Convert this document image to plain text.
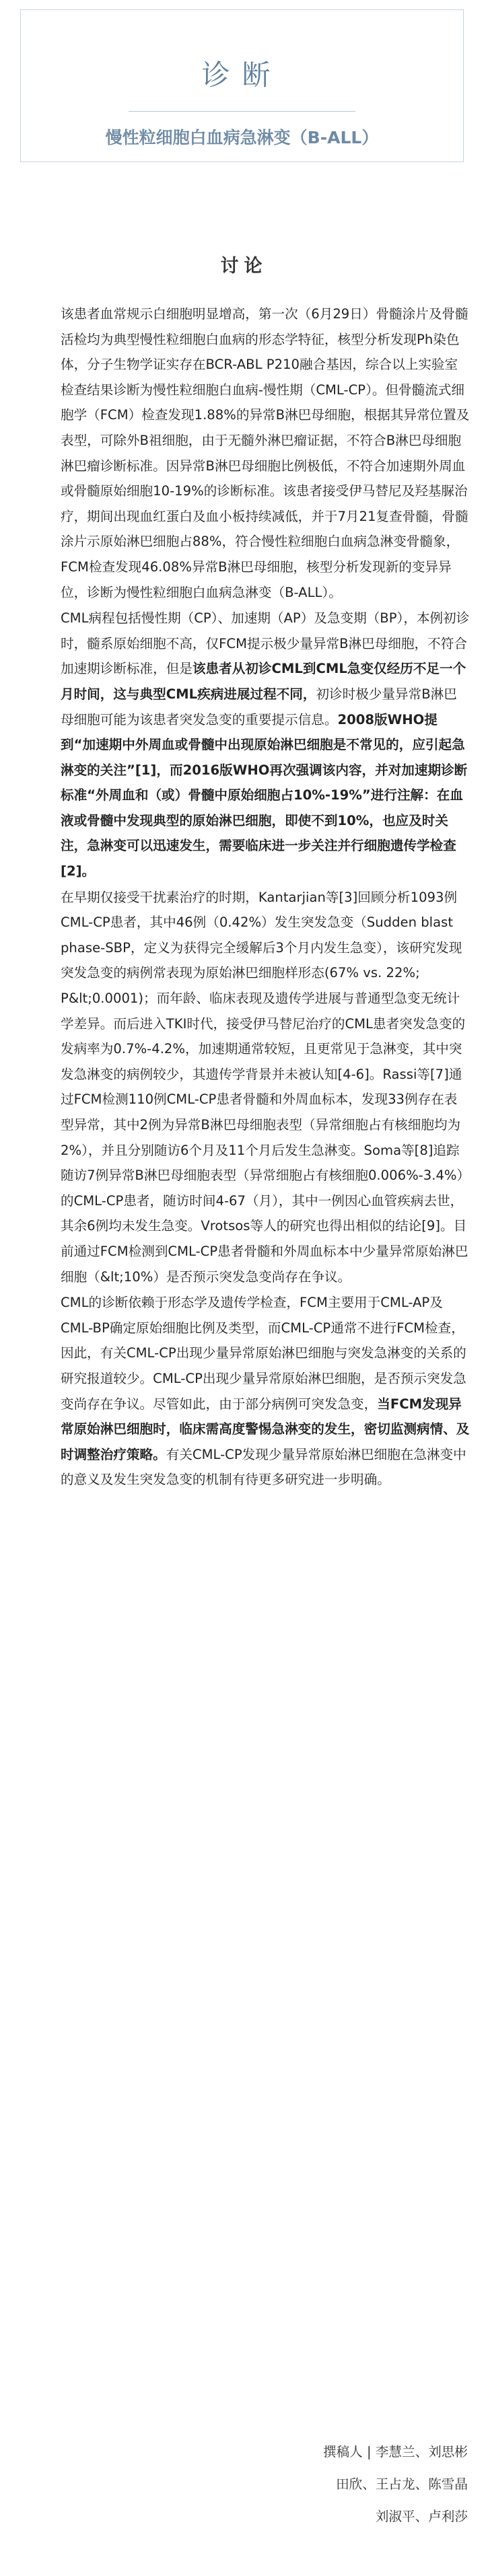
诊断
慢性粒细胞白血病急淋变（B-ALL）
讨论

该患者血常规示白细胞明显增高，第一次（6月29日）骨髓涂片及骨髓活检均为典型慢性粒细胞白血病的形态学特征，核型分析发现Ph染色体，分子生物学证实存在BCR-ABL P210融合基因，综合以上实验室检查结果诊断为慢性粒细胞白血病-慢性期（CML-CP）。但骨髓流式细胞学（FCM）检查发现1.88%的异常B淋巴母细胞，根据其异常位置及表型，可除外B祖细胞，由于无髓外淋巴瘤证据，不符合B淋巴母细胞淋巴瘤诊断标准。因异常B淋巴母细胞比例极低，不符合加速期外周血或骨髓原始细胞10-19%的诊断标准。该患者接受伊马替尼及羟基脲治疗，期间出现血红蛋白及血小板持续减低，并于7月21复查骨髓，骨髓涂片示原始淋巴细胞占88%，符合慢性粒细胞白血病急淋变骨髓象，FCM检查发现46.08%异常B淋巴母细胞，核型分析发现新的变异异位，诊断为慢性粒细胞白血病急淋变（B-ALL）。

CML病程包括慢性期（CP）、加速期（AP）及急变期（BP），本例初诊时，髓系原始细胞不高，仅FCM提示极少量异常B淋巴母细胞，不符合加速期诊断标准，但是该患者从初诊CML到CML急变仅经历不足一个月时间，这与典型CML疾病进展过程不同，初诊时极少量异常B淋巴母细胞可能为该患者突发急变的重要提示信息。2008版WHO提到“加速期中外周血或骨髓中出现原始淋巴细胞是不常见的，应引起急淋变的关注”[1]，而2016版WHO再次强调该内容，并对加速期诊断标准“外周血和（或）骨髓中原始细胞占10%-19%”进行注解：在血液或骨髓中发现典型的原始淋巴细胞，即使不到10%，也应及时关注，急淋变可以迅速发生，需要临床进一步关注并行细胞遗传学检查[2]。

在早期仅接受干扰素治疗的时期，Kantarjian等[3]回顾分析1093例CML-CP患者，其中46例（0.42%）发生突发急变（Sudden blast phase-SBP，定义为获得完全缓解后3个月内发生急变），该研究发现突发急变的病例常表现为原始淋巴细胞样形态(67% vs. 22%; P&lt;0.0001)；而年龄、临床表现及遗传学进展与普通型急变无统计学差异。而后进入TKI时代，接受伊马替尼治疗的CML患者突发急变的发病率为0.7%-4.2%，加速期通常较短，且更常见于急淋变，其中突发急淋变的病例较少，其遗传学背景并未被认知[4-6]。Rassi等[7]通过FCM检测110例CML-CP患者骨髓和外周血标本，发现33例存在表型异常，其中2例为异常B淋巴母细胞表型（异常细胞占有核细胞均为2%），并且分别随访6个月及11个月后发生急淋变。Soma等[8]追踪随访7例异常B淋巴母细胞表型（异常细胞占有核细胞0.006%-3.4%）的CML-CP患者，随访时间4-67（月），其中一例因心血管疾病去世，其余6例均未发生急变。Vrotsos等人的研究也得出相似的结论[9]。目前通过FCM检测到CML-CP患者骨髓和外周血标本中少量异常原始淋巴细胞（&lt;10%）是否预示突发急变尚存在争议。

CML的诊断依赖于形态学及遗传学检查，FCM主要用于CML-AP及CML-BP确定原始细胞比例及类型，而CML-CP通常不进行FCM检查，因此，有关CML-CP出现少量异常原始淋巴细胞与突发急淋变的关系的研究报道较少。CML-CP出现少量异常原始淋巴细胞，是否预示突发急变尚存在争议。尽管如此，由于部分病例可突发急变，当FCM发现异常原始淋巴细胞时，临床需高度警惕急淋变的发生，密切监测病情、及时调整治疗策略。有关CML-CP发现少量异常原始淋巴细胞在急淋变中的意义及发生突发急变的机制有待更多研究进一步明确。

撰稿人 | 李慧兰、刘思彬
田欣、王占龙、陈雪晶
刘淑平、卢利莎
